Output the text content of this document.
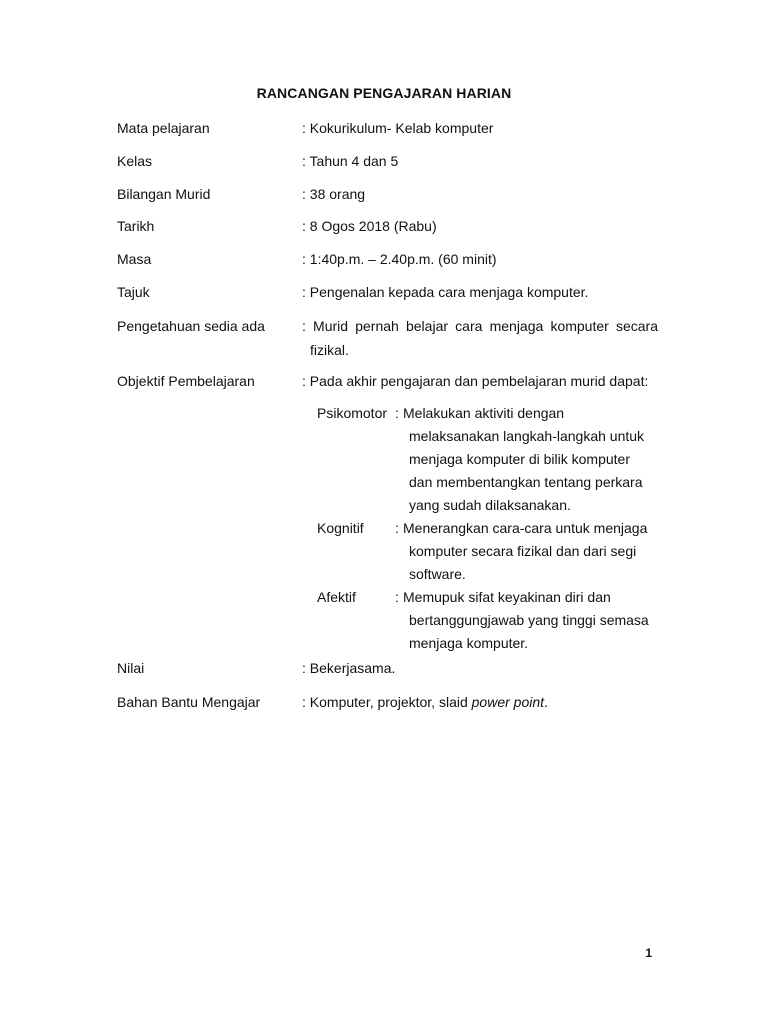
RANCANGAN PENGAJARAN HARIAN
Mata pelajaran	: Kokurikulum- Kelab komputer
Kelas	: Tahun 4 dan 5
Bilangan Murid	: 38 orang
Tarikh	: 8 Ogos 2018 (Rabu)
Masa	: 1:40p.m. – 2.40p.m. (60 minit)
Tajuk	: Pengenalan kepada cara menjaga komputer.
Pengetahuan sedia ada	: Murid pernah belajar cara menjaga komputer secara
fizikal.
Objektif Pembelajaran	: Pada akhir pengajaran dan pembelajaran murid dapat:
Psikomotor : Melakukan aktiviti dengan
melaksanakan langkah-langkah untuk
menjaga komputer di bilik komputer
dan membentangkan tentang perkara
yang sudah dilaksanakan.
Kognitif : Menerangkan cara-cara untuk menjaga
komputer secara fizikal dan dari segi
software.
Afektif	: Memupuk sifat keyakinan diri dan
bertanggungjawab yang tinggi semasa
menjaga komputer.
Nilai	: Bekerjasama.
Bahan Bantu Mengajar	: Komputer, projektor, slaid power point.
1
